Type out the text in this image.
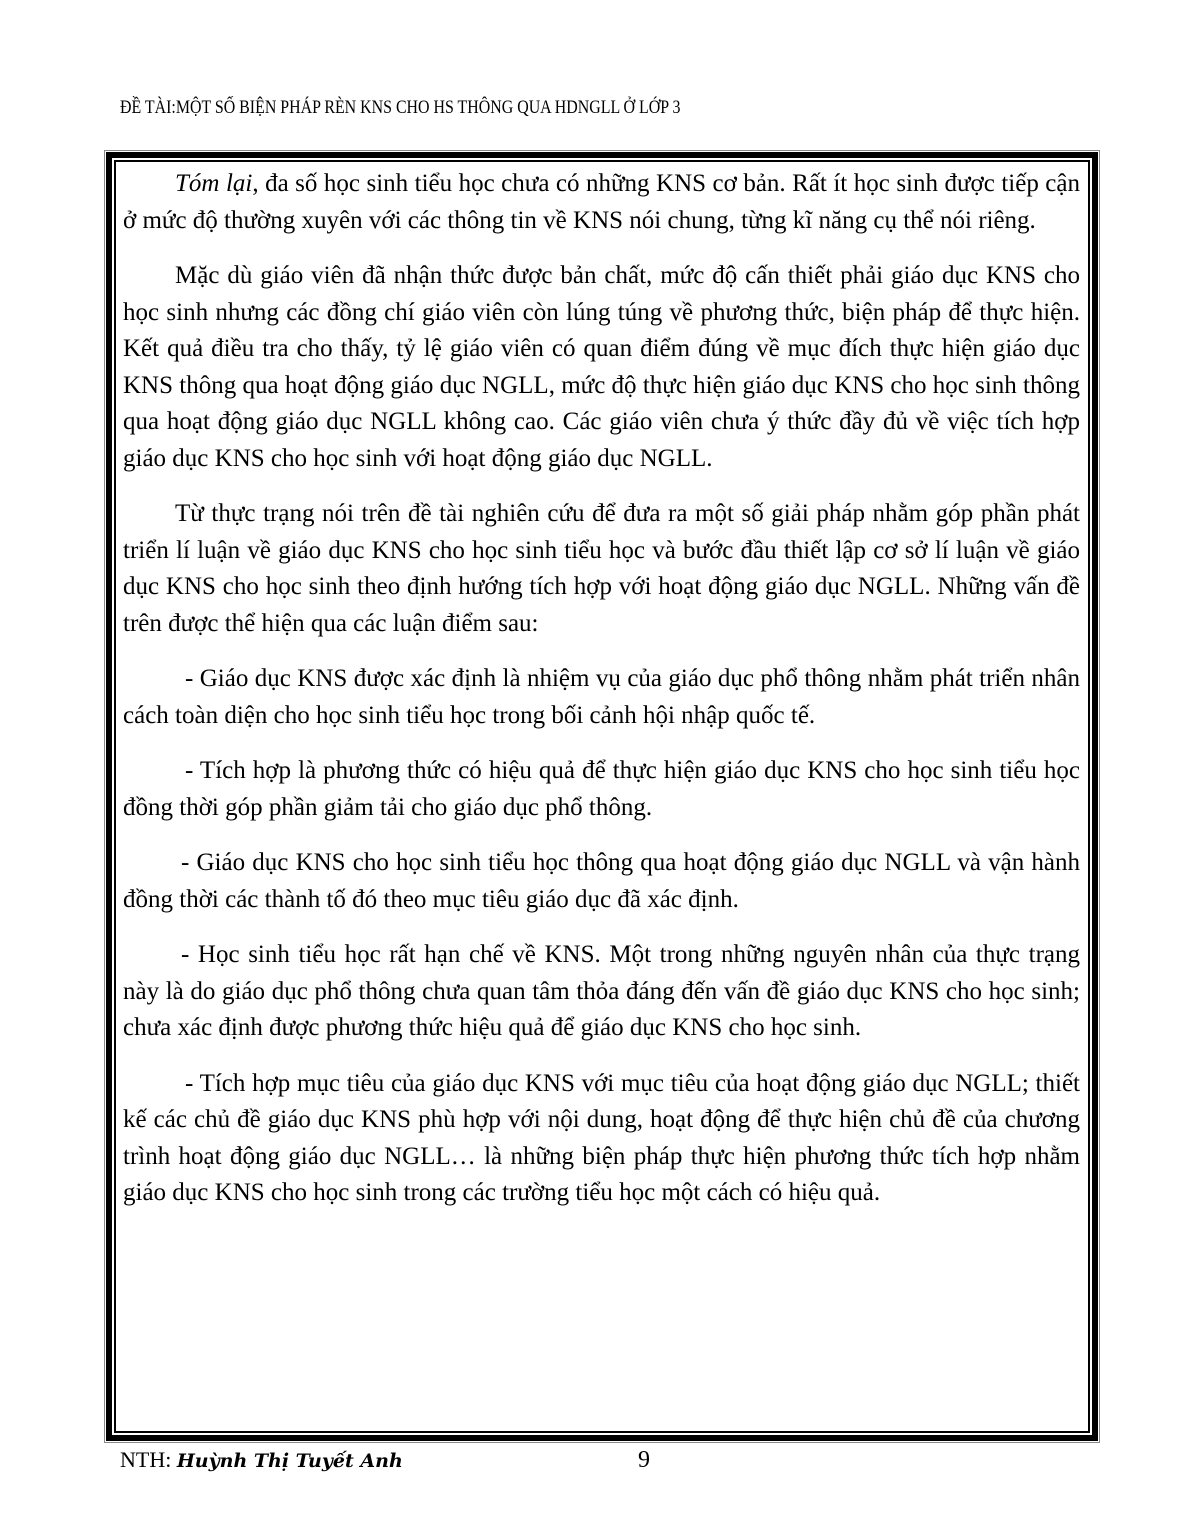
ĐỀ TÀI:MỘT SỐ BIỆN PHÁP RÈN KNS CHO HS THÔNG QUA HDNGLL Ở LỚP 3

Tóm lại, đa số học sinh tiểu học chưa có những KNS cơ bản. Rất ít học sinh được tiếp cận ở mức độ thường xuyên với các thông tin về KNS nói chung, từng kĩ năng cụ thể nói riêng.

Mặc dù giáo viên đã nhận thức được bản chất, mức độ cấn thiết phải giáo dục KNS cho học sinh nhưng các đồng chí giáo viên còn lúng túng về phương thức, biện pháp để thực hiện. Kết quả điều tra cho thấy, tỷ lệ giáo viên có quan điểm đúng về mục đích thực hiện giáo dục KNS thông qua hoạt động giáo dục NGLL, mức độ thực hiện giáo dục KNS cho học sinh thông qua hoạt động giáo dục NGLL không cao. Các giáo viên chưa ý thức đầy đủ về việc tích hợp giáo dục KNS cho học sinh với hoạt động giáo dục NGLL.

Từ thực trạng nói trên đề tài nghiên cứu để đưa ra một số giải pháp nhằm góp phần phát triển lí luận về giáo dục KNS cho học sinh tiểu học và bước đầu thiết lập cơ sở lí luận về giáo dục KNS cho học sinh theo định hướng tích hợp với hoạt động giáo dục NGLL. Những vấn đề trên được thể hiện qua các luận điểm sau:

- Giáo dục KNS được xác định là nhiệm vụ của giáo dục phổ thông nhằm phát triển nhân cách toàn diện cho học sinh tiểu học trong bối cảnh hội nhập quốc tế.

- Tích hợp là phương thức có hiệu quả để thực hiện giáo dục KNS cho học sinh tiểu học đồng thời góp phần giảm tải cho giáo dục phổ thông.

- Giáo dục KNS cho học sinh tiểu học thông qua hoạt động giáo dục NGLL và vận hành đồng thời các thành tố đó theo mục tiêu giáo dục đã xác định.

- Học sinh tiểu học rất hạn chế về KNS. Một trong những nguyên nhân của thực trạng này là do giáo dục phổ thông chưa quan tâm thỏa đáng đến vấn đề giáo dục KNS cho học sinh; chưa xác định được phương thức hiệu quả để giáo dục KNS cho học sinh.

- Tích hợp mục tiêu của giáo dục KNS với mục tiêu của hoạt động giáo dục NGLL; thiết kế các chủ đề giáo dục KNS phù hợp với nội dung, hoạt động để thực hiện chủ đề của chương trình hoạt động giáo dục NGLL… là những biện pháp thực hiện phương thức tích hợp nhằm giáo dục KNS cho học sinh trong các trường tiểu học một cách có hiệu quả.

NTH: Huỳnh Thị Tuyết Anh	9
